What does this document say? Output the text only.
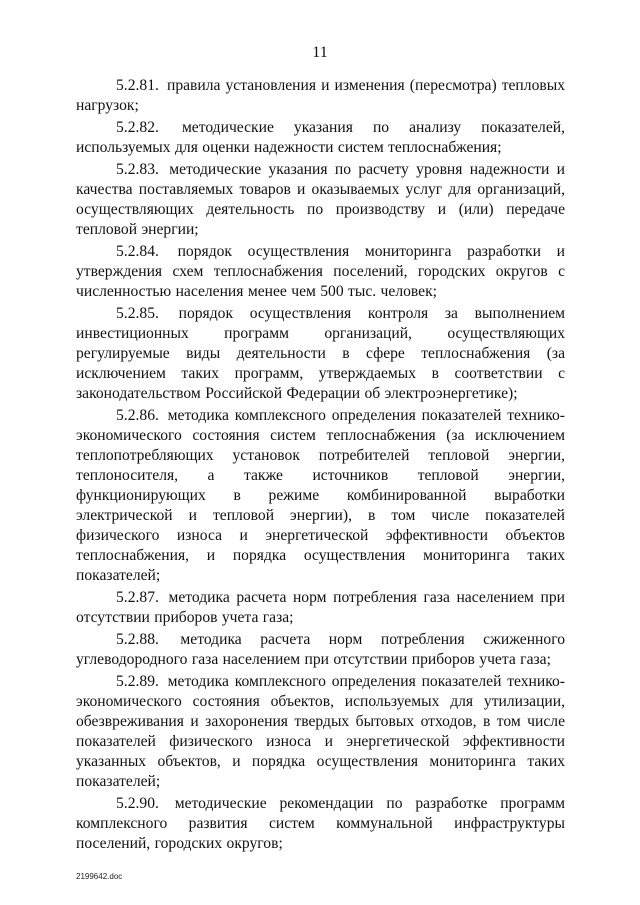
11

5.2.81. правила установления и изменения (пересмотра) тепловых нагрузок;

5.2.82. методические указания по анализу показателей, используемых для оценки надежности систем теплоснабжения;

5.2.83. методические указания по расчету уровня надежности и качества поставляемых товаров и оказываемых услуг для организаций, осуществляющих деятельность по производству и (или) передаче тепловой энергии;

5.2.84. порядок осуществления мониторинга разработки и утверждения схем теплоснабжения поселений, городских округов с численностью населения менее чем 500 тыс. человек;

5.2.85. порядок осуществления контроля за выполнением инвестиционных программ организаций, осуществляющих регулируемые виды деятельности в сфере теплоснабжения (за исключением таких программ, утверждаемых в соответствии с законодательством Российской Федерации об электроэнергетике);

5.2.86. методика комплексного определения показателей технико-экономического состояния систем теплоснабжения (за исключением теплопотребляющих установок потребителей тепловой энергии, теплоносителя, а также источников тепловой энергии, функционирующих в режиме комбинированной выработки электрической и тепловой энергии), в том числе показателей физического износа и энергетической эффективности объектов теплоснабжения, и порядка осуществления мониторинга таких показателей;

5.2.87. методика расчета норм потребления газа населением при отсутствии приборов учета газа;

5.2.88. методика расчета норм потребления сжиженного углеводородного газа населением при отсутствии приборов учета газа;

5.2.89. методика комплексного определения показателей технико-экономического состояния объектов, используемых для утилизации, обезвреживания и захоронения твердых бытовых отходов, в том числе показателей физического износа и энергетической эффективности указанных объектов, и порядка осуществления мониторинга таких показателей;

5.2.90. методические рекомендации по разработке программ комплексного развития систем коммунальной инфраструктуры поселений, городских округов;

2199642.doc
